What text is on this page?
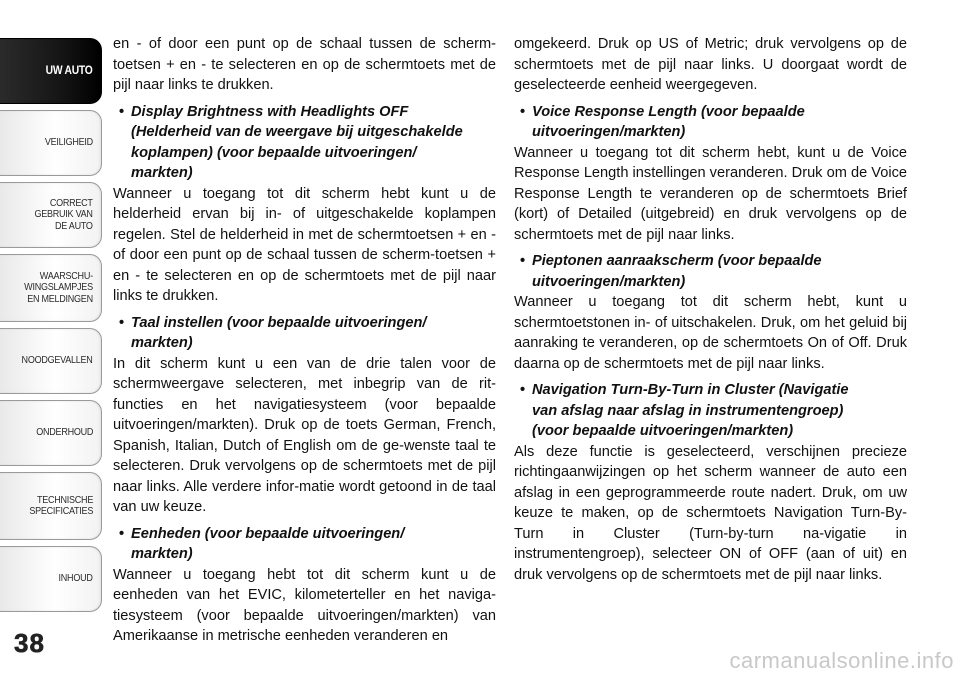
UW AUTO
VEILIGHEID
CORRECT
GEBRUIK VAN
DE AUTO
WAARSCHU-
WINGSLAMPJES
EN MELDINGEN
NOODGEVALLEN
ONDERHOUD
TECHNISCHE
SPECIFICATIES
INHOUD
38

en - of door een punt op de schaal tussen de scherm-toetsen + en - te selecteren en op de schermtoets met de pijl naar links te drukken.

• Display Brightness with Headlights OFF
(Helderheid van de weergave bij uitgeschakelde
koplampen) (voor bepaalde uitvoeringen/
markten)

Wanneer u toegang tot dit scherm hebt kunt u de helderheid ervan bij in- of uitgeschakelde koplampen regelen. Stel de helderheid in met de schermtoetsen + en - of door een punt op de schaal tussen de scherm-toetsen + en - te selecteren en op de schermtoets met de pijl naar links te drukken.

• Taal instellen (voor bepaalde uitvoeringen/
markten)

In dit scherm kunt u een van de drie talen voor de schermweergave selecteren, met inbegrip van de rit-functies en het navigatiesysteem (voor bepaalde uitvoeringen/markten). Druk op de toets German, French, Spanish, Italian, Dutch of English om de ge-wenste taal te selecteren. Druk vervolgens op de schermtoets met de pijl naar links. Alle verdere infor-matie wordt getoond in de taal van uw keuze.

• Eenheden (voor bepaalde uitvoeringen/
markten)

Wanneer u toegang hebt tot dit scherm kunt u de eenheden van het EVIC, kilometerteller en het naviga-tiesysteem (voor bepaalde uitvoeringen/markten) van Amerikaanse in metrische eenheden veranderen en

omgekeerd. Druk op US of Metric; druk vervolgens op de schermtoets met de pijl naar links. U doorgaat wordt de geselecteerde eenheid weergegeven.

• Voice Response Length (voor bepaalde
uitvoeringen/markten)

Wanneer u toegang tot dit scherm hebt, kunt u de Voice Response Length instellingen veranderen. Druk om de Voice Response Length te veranderen op de schermtoets Brief (kort) of Detailed (uitgebreid) en druk vervolgens op de schermtoets met de pijl naar links.

• Pieptonen aanraakscherm (voor bepaalde
uitvoeringen/markten)

Wanneer u toegang tot dit scherm hebt, kunt u schermtoetstonen in- of uitschakelen. Druk, om het geluid bij aanraking te veranderen, op de schermtoets On of Off. Druk daarna op de schermtoets met de pijl naar links.

• Navigation Turn-By-Turn in Cluster (Navigatie
van afslag naar afslag in instrumentengroep)
(voor bepaalde uitvoeringen/markten)

Als deze functie is geselecteerd, verschijnen precieze richtingaanwijzingen op het scherm wanneer de auto een afslag in een geprogrammeerde route nadert. Druk, om uw keuze te maken, op de schermtoets Navigation Turn-By-Turn in Cluster (Turn-by-turn na-vigatie in instrumentengroep), selecteer ON of OFF (aan of uit) en druk vervolgens op de schermtoets met de pijl naar links.

carmanualsonline.info
